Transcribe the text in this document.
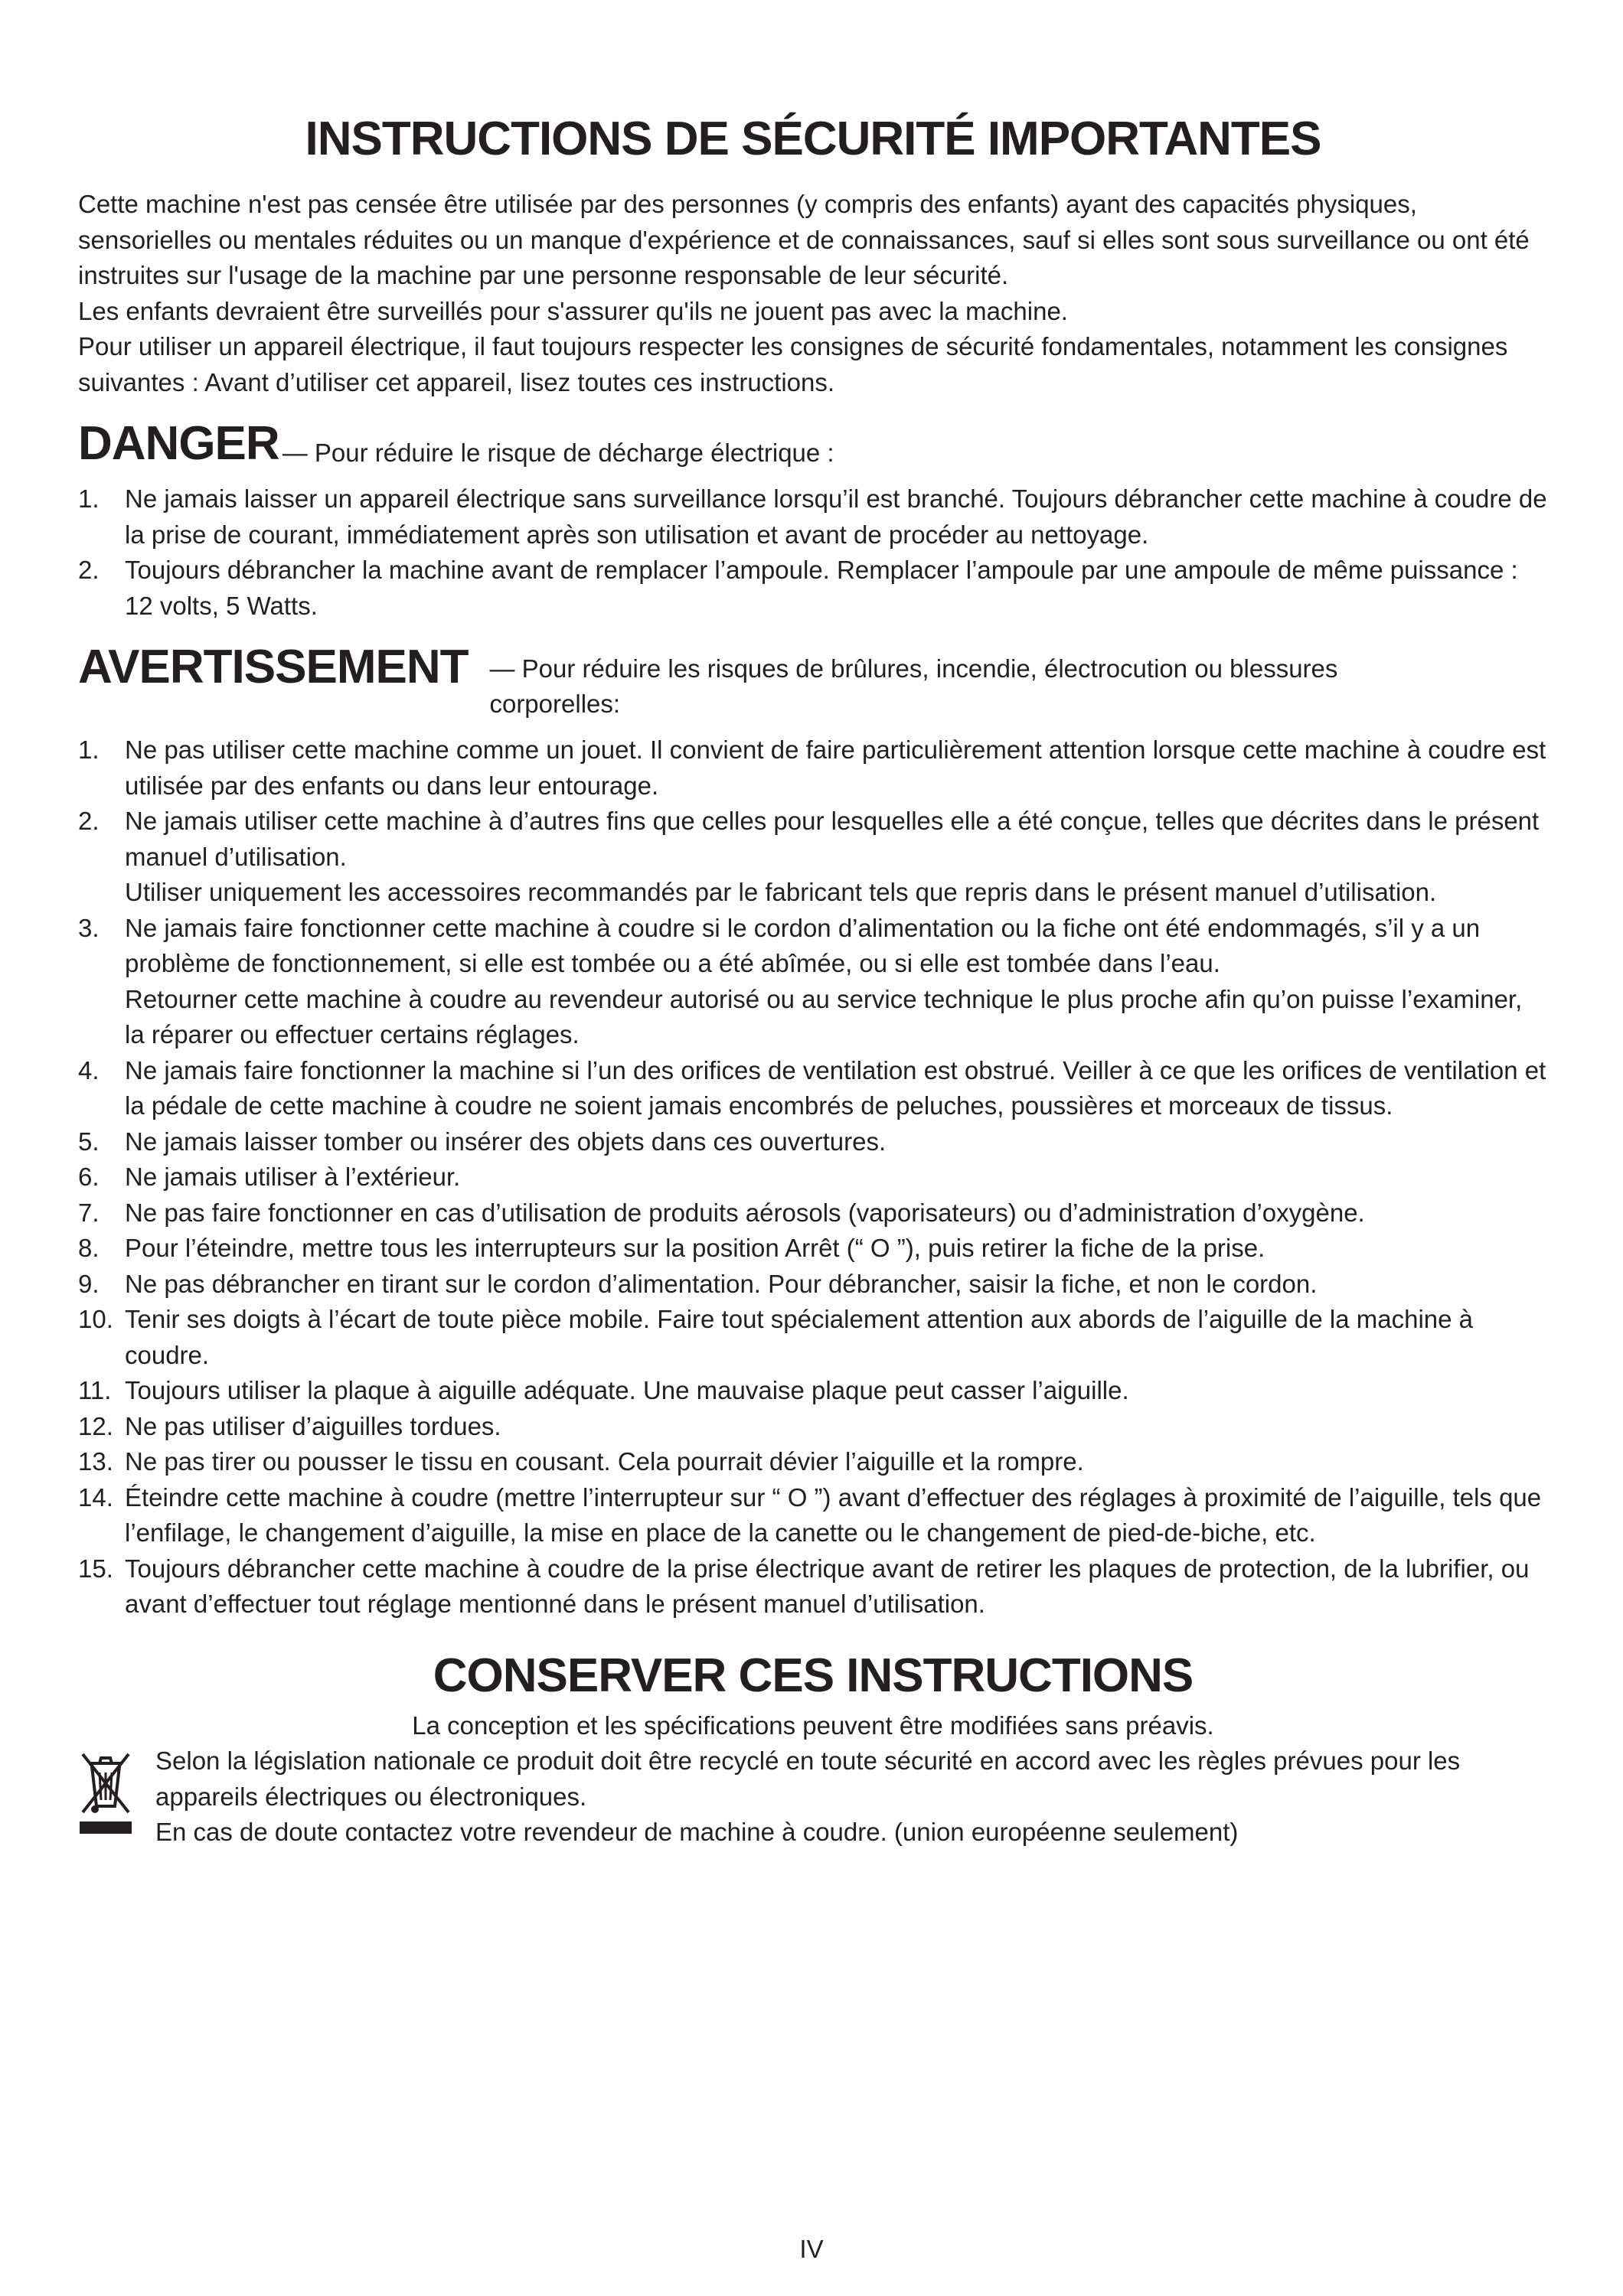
INSTRUCTIONS DE SÉCURITÉ IMPORTANTES

Cette machine n'est pas censée être utilisée par des personnes (y compris des enfants) ayant des capacités physiques, sensorielles ou mentales réduites ou un manque d'expérience et de connaissances, sauf si elles sont sous surveillance ou ont été instruites sur l'usage de la machine par une personne responsable de leur sécurité.

Les enfants devraient être surveillés pour s'assurer qu'ils ne jouent pas avec la machine.

Pour utiliser un appareil électrique, il faut toujours respecter les consignes de sécurité fondamentales, notamment les consignes suivantes : Avant d’utiliser cet appareil, lisez toutes ces instructions.

DANGER — Pour réduire le risque de décharge électrique :
1. Ne jamais laisser un appareil électrique sans surveillance lorsqu’il est branché. Toujours débrancher cette machine à coudre de la prise de courant, immédiatement après son utilisation et avant de procéder au nettoyage.
2. Toujours débrancher la machine avant de remplacer l’ampoule. Remplacer l’ampoule par une ampoule de même puissance : 12 volts, 5 Watts.
AVERTISSEMENT — Pour réduire les risques de brûlures, incendie, électrocution ou blessures corporelles:
1. Ne pas utiliser cette machine comme un jouet. Il convient de faire particulièrement attention lorsque cette machine à coudre est utilisée par des enfants ou dans leur entourage.
2. Ne jamais utiliser cette machine à d’autres fins que celles pour lesquelles elle a été conçue, telles que décrites dans le présent manuel d’utilisation.
Utiliser uniquement les accessoires recommandés par le fabricant tels que repris dans le présent manuel d’utilisation.
3. Ne jamais faire fonctionner cette machine à coudre si le cordon d’alimentation ou la fiche ont été endommagés, s’il y a un problème de fonctionnement, si elle est tombée ou a été abîmée, ou si elle est tombée dans l’eau.
Retourner cette machine à coudre au revendeur autorisé ou au service technique le plus proche afin qu’on puisse l’examiner, la réparer ou effectuer certains réglages.
4. Ne jamais faire fonctionner la machine si l’un des orifices de ventilation est obstrué. Veiller à ce que les orifices de ventilation et la pédale de cette machine à coudre ne soient jamais encombrés de peluches, poussières et morceaux de tissus.
5. Ne jamais laisser tomber ou insérer des objets dans ces ouvertures.
6. Ne jamais utiliser à l’extérieur.
7. Ne pas faire fonctionner en cas d’utilisation de produits aérosols (vaporisateurs) ou d’administration d’oxygène.
8. Pour l’éteindre, mettre tous les interrupteurs sur la position Arrêt (“ O ”), puis retirer la fiche de la prise.
9. Ne pas débrancher en tirant sur le cordon d’alimentation. Pour débrancher, saisir la fiche, et non le cordon.
10. Tenir ses doigts à l’écart de toute pièce mobile. Faire tout spécialement attention aux abords de l’aiguille de la machine à coudre.
11. Toujours utiliser la plaque à aiguille adéquate. Une mauvaise plaque peut casser l’aiguille.
12. Ne pas utiliser d’aiguilles tordues.
13. Ne pas tirer ou pousser le tissu en cousant. Cela pourrait dévier l’aiguille et la rompre.
14. Éteindre cette machine à coudre (mettre l’interrupteur sur “ O ”) avant d’effectuer des réglages à proximité de l’aiguille, tels que l’enfilage, le changement d’aiguille, la mise en place de la canette ou le changement de pied-de-biche, etc.
15. Toujours débrancher cette machine à coudre de la prise électrique avant de retirer les plaques de protection, de la lubrifier, ou avant d’effectuer tout réglage mentionné dans le présent manuel d’utilisation.
CONSERVER CES INSTRUCTIONS
La conception et les spécifications peuvent être modifiées sans préavis.

Selon la législation nationale ce produit doit être recyclé en toute sécurité en accord avec les règles prévues pour les appareils électriques ou électroniques.

En cas de doute contactez votre revendeur de machine à coudre. (union européenne seulement)

IV
